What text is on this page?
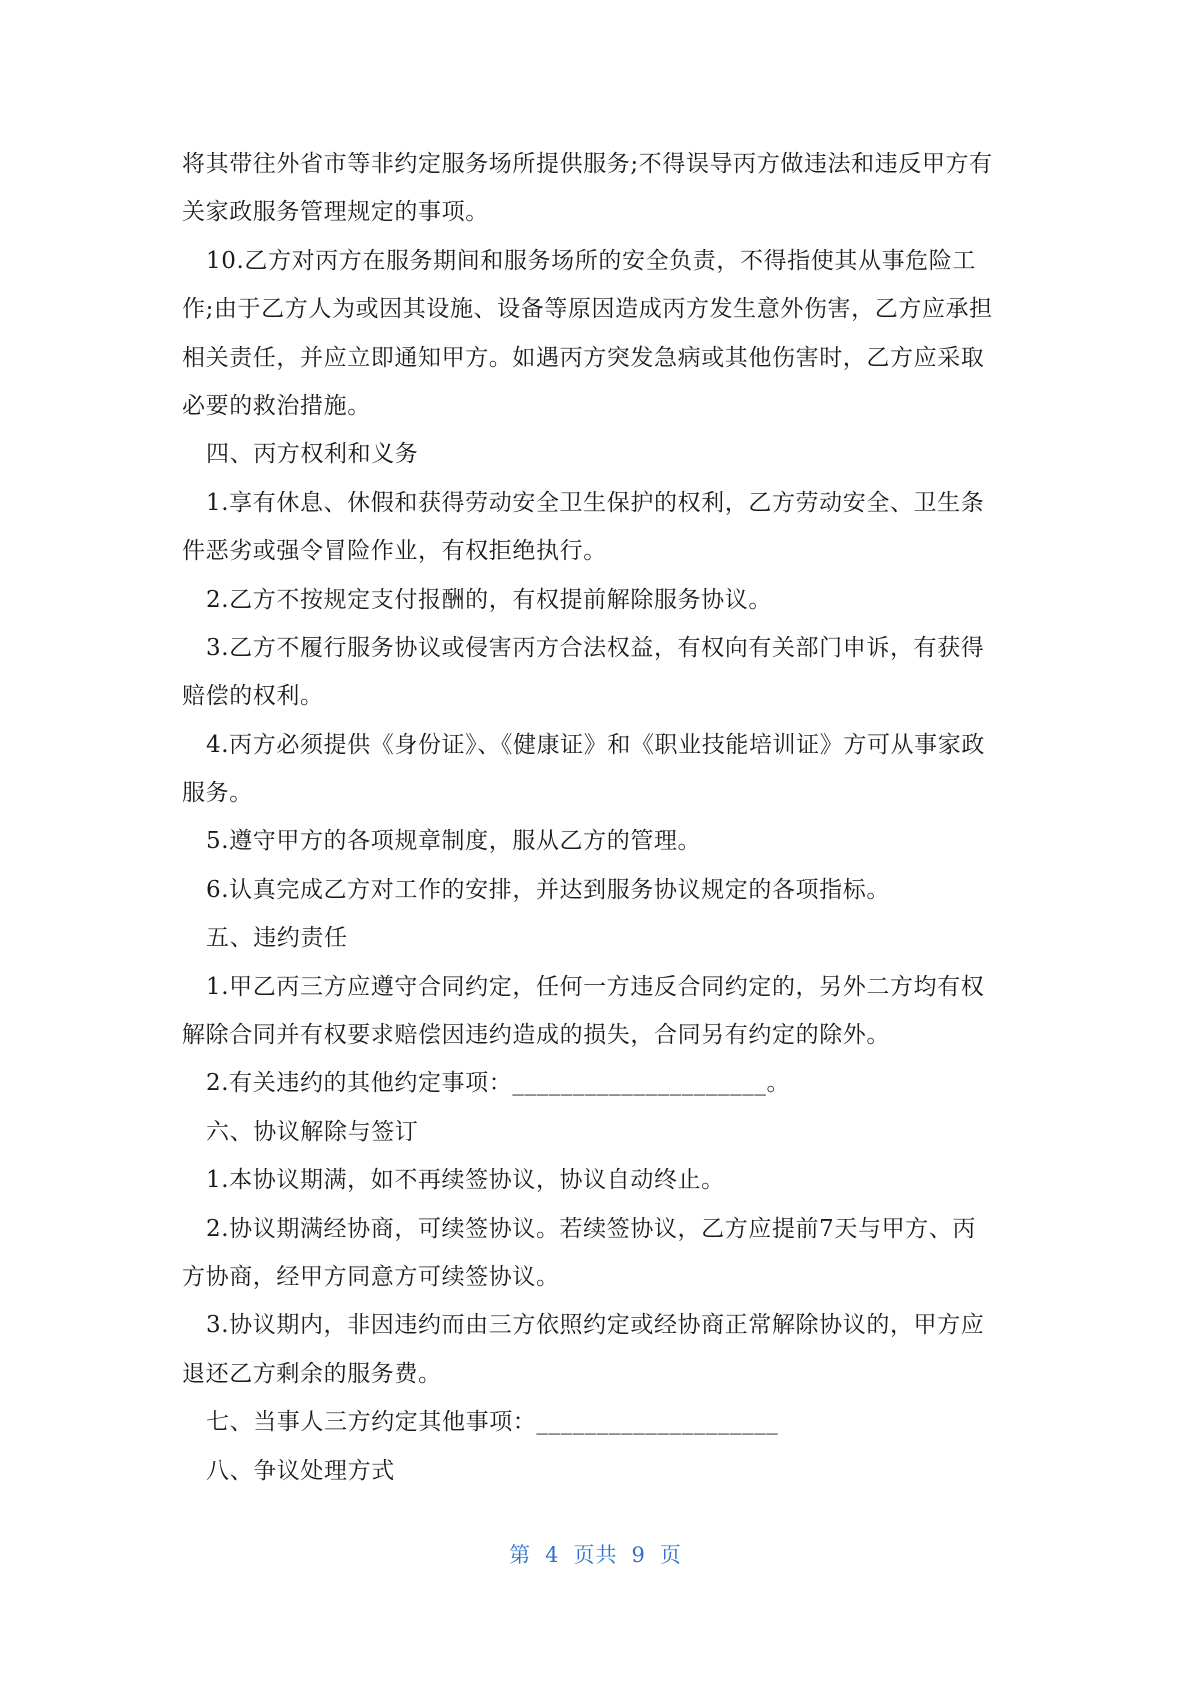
将其带往外省市等非约定服务场所提供服务;不得误导丙方做违法和违反甲方有
关家政服务管理规定的事项。
10.乙方对丙方在服务期间和服务场所的安全负责，不得指使其从事危险工
作;由于乙方人为或因其设施、设备等原因造成丙方发生意外伤害，乙方应承担
相关责任，并应立即通知甲方。如遇丙方突发急病或其他伤害时，乙方应采取
必要的救治措施。
四、丙方权利和义务
1.享有休息、休假和获得劳动安全卫生保护的权利，乙方劳动安全、卫生条
件恶劣或强令冒险作业，有权拒绝执行。
2.乙方不按规定支付报酬的，有权提前解除服务协议。
3.乙方不履行服务协议或侵害丙方合法权益，有权向有关部门申诉，有获得
赔偿的权利。
4.丙方必须提供《身份证》、《健康证》和《职业技能培训证》方可从事家政
服务。
5.遵守甲方的各项规章制度，服从乙方的管理。
6.认真完成乙方对工作的安排，并达到服务协议规定的各项指标。
五、违约责任
1.甲乙丙三方应遵守合同约定，任何一方违反合同约定的，另外二方均有权
解除合同并有权要求赔偿因违约造成的损失，合同另有约定的除外。
2.有关违约的其他约定事项：_____________________。
六、协议解除与签订
1.本协议期满，如不再续签协议，协议自动终止。
2.协议期满经协商，可续签协议。若续签协议，乙方应提前7天与甲方、丙
方协商，经甲方同意方可续签协议。
3.协议期内，非因违约而由三方依照约定或经协商正常解除协议的，甲方应
退还乙方剩余的服务费。
七、当事人三方约定其他事项：____________________
八、争议处理方式
第 4 页共 9 页
